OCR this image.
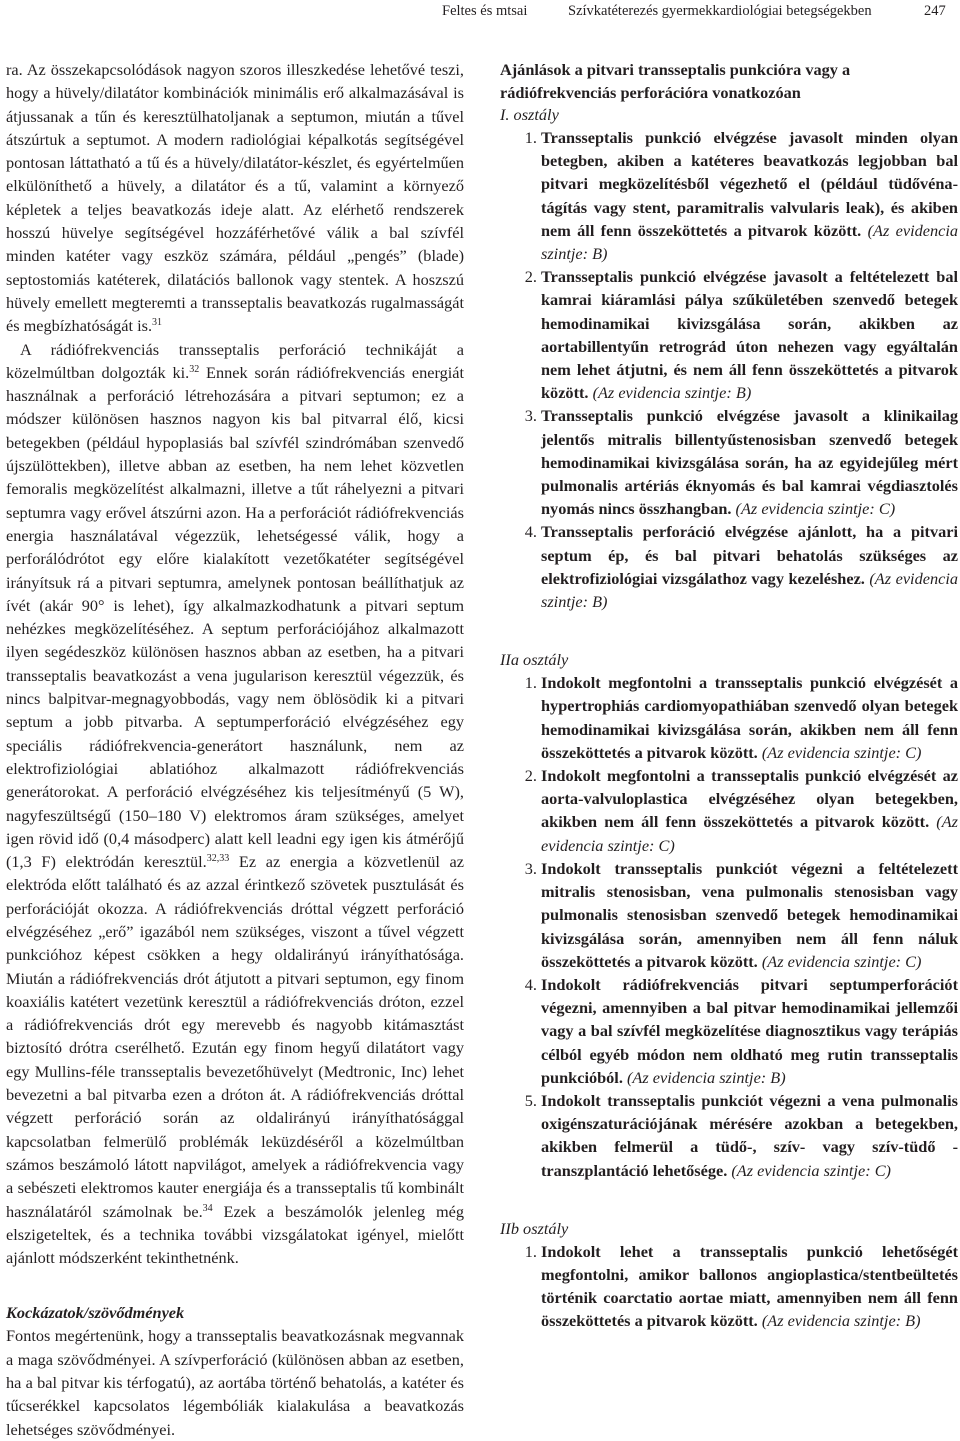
Feltes és mtsai	Szívkatéterezés gyermekkardiológiai betegségekben	247

ra. Az összekapcsolódások nagyon szoros illeszkedése lehetővé teszi, hogy a hüvely/dilatátor kombinációk minimális erő alkalmazásával is átjussanak a tűn és keresztülhatoljanak a septumon, miután a tűvel átszúrtuk a septumot. A modern radiológiai képalkotás segítségével pontosan láttatható a tű és a hüvely/dilatátor-készlet, és egyértelműen elkülöníthető a hüvely, a dilatátor és a tű, valamint a környező képletek a teljes beavatkozás ideje alatt. Az elérhető rendszerek hosszú hüvelye segítségével hozzáférhetővé válik a bal szívfél minden katéter vagy eszköz számára, például „pengés” (blade) septostomiás katéterek, dilatációs ballonok vagy stentek. A hoszszú hüvely emellett megteremti a transseptalis beavatkozás rugalmasságát és megbízhatóságát is.$^{31}$

A rádiófrekvenciás transseptalis perforáció technikáját a közelmúltban dolgozták ki.$^{32}$ Ennek során rádiófrekvenciás energiát használnak a perforáció létrehozására a pitvari septumon; ez a módszer különösen hasznos nagyon kis bal pitvarral élő, kicsi betegekben (például hypoplasiás bal szívfél szindrómában szenvedő újszülöttekben), illetve abban az esetben, ha nem lehet közvetlen femoralis megközelítést alkalmazni, illetve a tűt ráhelyezni a pitvari septumra vagy erővel átszúrni azon. Ha a perforációt rádiófrekvenciás energia használatával végezzük, lehetségessé válik, hogy a perforálódrótot egy előre kialakított vezetőkatéter segítségével irányítsuk rá a pitvari septumra, amelynek pontosan beállíthatjuk az ívét (akár 90° is lehet), így alkalmazkodhatunk a pitvari septum nehézkes megközelítéséhez. A septum perforációjához alkalmazott ilyen segédeszköz különösen hasznos abban az esetben, ha a pitvari transseptalis beavatkozást a vena jugularison keresztül végezzük, és nincs balpitvar-megnagyobbodás, vagy nem öblösödik ki a pitvari septum a jobb pitvarba. A septumperforáció elvégzéséhez egy speciális rádiófrekvencia-generátort használunk, nem az elektrofiziológiai ablatióhoz alkalmazott rádiófrekvenciás generátorokat. A perforáció elvégzéséhez kis teljesítményű (5 W), nagyfeszültségű (150–180 V) elektromos áram szükséges, amelyet igen rövid idő (0,4 másodperc) alatt kell leadni egy igen kis átmérőjű (1,3 F) elektródán keresztül.$^{32,33}$ Ez az energia a közvetlenül az elektróda előtt található és az azzal érintkező szövetek pusztulását és perforációját okozza. A rádiófrekvenciás dróttal végzett perforáció elvégzéséhez „erő” igazából nem szükséges, viszont a tűvel végzett punkcióhoz képest csökken a hegy oldalirányú irányíthatósága. Miután a rádiófrekvenciás drót átjutott a pitvari septumon, egy finom koaxiális katétert vezetünk keresztül a rádiófrekvenciás dróton, ezzel a rádiófrekvenciás drót egy merevebb és nagyobb kitámasztást biztosító drótra cserélhető. Ezután egy finom hegyű dilatátort vagy egy Mullins-féle transseptalis bevezetőhüvelyt (Medtronic, Inc) lehet bevezetni a bal pitvarba ezen a dróton át. A rádiófrekvenciás dróttal végzett perforáció során az oldalirányú irányíthatósággal kapcsolatban felmerülő problémák leküzdéséről a közelmúltban számos beszámoló látott napvilágot, amelyek a rádiófrekvencia vagy a sebészeti elektromos kauter energiája és a transseptalis tű kombinált használatáról számolnak be.$^{34}$ Ezek a beszámolók jelenleg még elszigeteltek, és a technika további vizsgálatokat igényel, mielőtt ajánlott módszerként tekinthetnénk.

Kockázatok/szövődmények

Fontos megértenünk, hogy a transseptalis beavatkozásnak megvannak a maga szövődményei. A szívperforáció (különösen abban az esetben, ha a bal pitvar kis térfogatú), az aortába történő behatolás, a katéter és tűcserékkel kapcsolatos légembóliák kialakulása a beavatkozás lehetséges szövődményei.

Ajánlások a pitvari transseptalis punkcióra vagy a rádiófrekvenciás perforációra vonatkozóan

I. osztály

1. Transseptalis punkció elvégzése javasolt minden olyan betegben, akiben a katéteres beavatkozás legjobban bal pitvari megközelítésből végezhető el (például tüdővéna-tágítás vagy stent, paramitralis valvularis leak), és akiben nem áll fenn összeköttetés a pitvarok között. (Az evidencia szintje: B)
2. Transseptalis punkció elvégzése javasolt a feltételezett bal kamrai kiáramlási pálya szűkületében szenvedő betegek hemodinamikai kivizsgálása során, akikben az aortabillentyűn retrográd úton nehezen vagy egyáltalán nem lehet átjutni, és nem áll fenn összeköttetés a pitvarok között. (Az evidencia szintje: B)
3. Transseptalis punkció elvégzése javasolt a klinikailag jelentős mitralis billentyűstenosisban szenvedő betegek hemodinamikai kivizsgálása során, ha az egyidejűleg mért pulmonalis artériás éknyomás és bal kamrai végdiasztolés nyomás nincs összhangban. (Az evidencia szintje: C)
4. Transseptalis perforáció elvégzése ajánlott, ha a pitvari septum ép, és bal pitvari behatolás szükséges az elektrofiziológiai vizsgálathoz vagy kezeléshez. (Az evidencia szintje: B)

IIa osztály

1. Indokolt megfontolni a transseptalis punkció elvégzését a hypertrophiás cardiomyopathiában szenvedő olyan betegek hemodinamikai kivizsgálása során, akikben nem áll fenn összeköttetés a pitvarok között. (Az evidencia szintje: C)
2. Indokolt megfontolni a transseptalis punkció elvégzését az aorta-valvuloplastica elvégzéséhez olyan betegekben, akikben nem áll fenn összeköttetés a pitvarok között. (Az evidencia szintje: C)
3. Indokolt transseptalis punkciót végezni a feltételezett mitralis stenosisban, vena pulmonalis stenosisban vagy pulmonalis stenosisban szenvedő betegek hemodinamikai kivizsgálása során, amennyiben nem áll fenn náluk összeköttetés a pitvarok között. (Az evidencia szintje: C)
4. Indokolt rádiófrekvenciás pitvari septumperforációt végezni, amennyiben a bal pitvar hemodinamikai jellemzői vagy a bal szívfél megközelítése diagnosztikus vagy terápiás célból egyéb módon nem oldható meg rutin transseptalis punkcióból. (Az evidencia szintje: B)
5. Indokolt transseptalis punkciót végezni a vena pulmonalis oxigénszaturációjának mérésére azokban a betegekben, akikben felmerül a tüdő-, szív- vagy szív-tüdő -transzplantáció lehetősége. (Az evidencia szintje: C)

IIb osztály

1. Indokolt lehet a transseptalis punkció lehetőségét megfontolni, amikor ballonos angioplastica/stentbeültetés történik coarctatio aortae miatt, amennyiben nem áll fenn összeköttetés a pitvarok között. (Az evidencia szintje: B)
